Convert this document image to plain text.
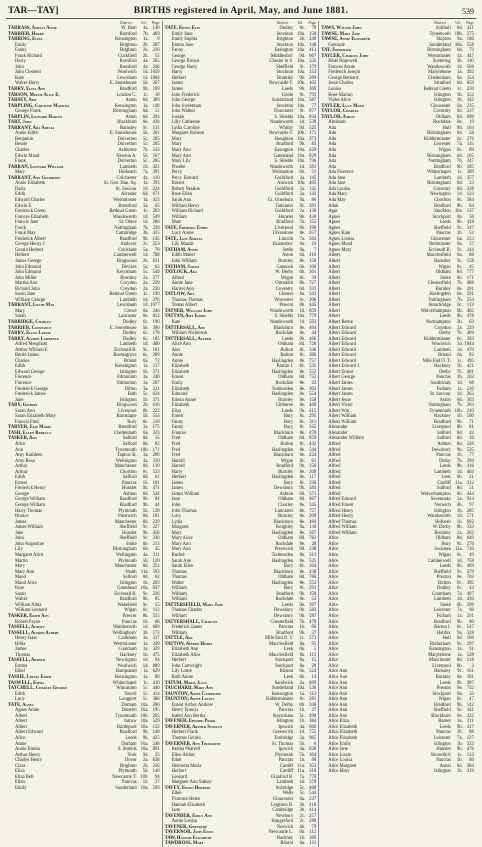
TAR—TAY]	BIRTHS registered in April, May, and June 1881.	539
District.	Vol.	Page
TARRASS, Amelia Annie	W. Ham	4a. 130
TARRIER, Harry	Romford	7b. 469
TARRING, Eliza	Kensington	1a.	8
Emily	Brighton	2b. 207
Fanny	Brighton	2b. 216
Frank Richard	Cuckfield	2b.	55
Harry	Romford	4a. 265
John	Romford	4a. 246
John Clement	Woolwich	1d. 1059
Kate	Lewisham	1d. 1064
Walter Harry	E. Stonehouse	5b. 267
TARRY, Eliza Ann	Bradford	9b. 109
TARSON, Minnie Alice E.	London C.	1c.	18
TARSEY, Amy	Aston	6d. 389
TARPLING, Caroline Matilda	Kensington	1a. 148
George Frank	Birmingham	6d.	51
TARPLIN, Leonard Harley	Aston	6d. 394
TART, John	Blackburn	8e. 438
TARRANT, Ada Adelia	Barnsley	9c. 131
Annie Edith	E. Stonehouse	5b. 201
Benjamin	Dulverton	5c. 205
Bessie	Dulverton	5c. 205
Charles	Ashborne	7b. 543
Edwin Maud	Newton A.	5b. 167
Frank	Dulverton	5c. 205
TARRAN, Leonard William	Lambeth	1d. 421
Mary	Holbeach	7a. 391
TARRANT, Ann Goodhart	Colchester	4a. 110
Annie Elizabeth	St. Geo. Han. Sq.	1a. 393
Daisy	St. Saviour	1d. 224
Edith	Alcester	6d. 671
Edward Charles	Westminster	1a. 413
Edwin E.	Brentford	3a.	65
Frederick Green	Bethnal Green	1c. 203
Frances Elizabeth	Wandsworth	1d. 549
Francis Jane	St. Olave	1d. 206
Frank	Nottingham	7b. 338
Frank May	Cambridge	3b. 415
Frederick Albert	Bradford	9b. 145
George Henry J.	Andover	2c. 253
Gerald Herbert	Cricklade	5a.	78
Herbert	Camberwell	1d. 788
James George	Ringwood	2b. 631
John Edmund	Devizes	5a.	63
John Edmund	Keynsham	5c. 549
John Miller	Bromley	2a. 277
Martha Ann	Croydon	2a. 229
Richard John	Croydon	2a. 230
Sarah Jane	Bethnal Green	1c. 199
William George	Lambeth	1d. 376
TARRANT, Lilith May	Lewisham	1d. 1077
Mary	Crewe	8a. 246
Sarah	Lancaster	8e. 812
TARRIDGE, Charles	Dudley	6c. 190
TARRIER, Constance	E. Stonehouse	5b. 306
TARRY, Ellen Louise	Dudley	6c. 178
TARRY, Alfred Lawrence	Dudley	6c. 185
Alfred Meopham	Lambeth	1d. 460
Arthur William F.	Ecclesall B.	9c. 162
Bertie James	Bromsgrove	6c. 289
Charles	Bristol	6a.	72
Edith	Kensington	1a. 117
Edward George	Islington	1b. 371
Florence	Edmonton	3a. 240
Florence	Edmonton	3a. 267
Frederick George	Ditton	3a. 221
Frederick James	Bath	5c. 624
Jane	Islington	1b. 371
TARY, Gilbert	Ringwood	2b. 616
Sarah Ann	Liverpool	8b. 222
Sarah Elizabeth Mary	Barnstaple	5b. 554
Francis Fred.	Bury	8c. 218
TARYER, Elie Mabel	Brentford	3a. 175
TASH, Ellen Rebecca	Cheltenham	6a. 323
TASKER, Ada	Salford	8d.	15
Alice	Salford	8d.	62
Ann	Tynemouth 10b. 171
Amy Kathleen	Taplow B.	3a. 200
Amy Rosa	Wellington	4a. 310
Arthur	Manchester	8d. 139
Arthur	Chorlton	8c. 533
Edith	Salford	8d.	61
Ernest	Pancras	1b. 101
Frederick Henry	Hunslet	9b. 471
George	Ashton	8d. 544
George William	Bradford	9b.	84
George William	Bradford	9b.	44
Harry Thomas	Plymouth	5b. 128
Horace	Prestwich	8d. 181
James	Manchester	8d. 229
James William	Sheffield	9c. 327
Jane	Hunslet	9b. 458
John	Sheffield	9c. 330
John Augustine	Stoke	6b. 213
Lily	Birmingham	6d.	45
Margaret Alice	Wellington	4a. 311
Martin	Plymouth	5b. 120
Mary	Manchester	8d. 251
Mary Ann	Neath 11a. 593
Maud	Salford	8d.	62
Maud Alice	Islington	1b. 203
Rose	Gateshead 10a. 837
Sarah	Ecclesall B.	9c. 226
Walter	Bradford	9b.	85
William Alma	Wakefield	9c.	55
William Leonard	Wigan	8c. 112
TASKER, Edith Ann	Prescot	8b. 515
Robert Payne	Pancras	1b.	66
TASSELL, Albert	Wandsworth	1d. 609
TASSELL, Alfred Albert	Wellingboro'	3b. 173
Henry Isaac	Cookham	3a. 337
Hilda	Westminster	1a. 349
James	Cookham	3a. 329
Thomas	Hackney	1b. 475
TASSELL, Arthur	Newington	1d.	94
Emma	Woolwich	1d. 889
Ethel	Hampstead	1a. 629
TASSIE, Louisa Edith	Kensington	1a.	80
TASWELL, Emma	Whitechapel	1c. 410
TATCHELL, Charles George	Wincanton	5c. 440
Edith	Yeovil	5c. 414
Lucy	Longport	5c. 386
TATE, Agnes	Durham 10a. 286
Agnes Annie	Dunelm 10a. 195
Albert	Tynemouth 10b. 205
Albert	Jarrow 10a. 529
Albert	Hartlepool 10a. 132
Albert Edward	Bradford	9b. 140
Alice	Leeds	9b. 425
Annie	Durham 10a. 248
Annie Emma	S. Shields 10a. 891
Arthur Henry	York	9d.	25
Charles Henry	Dover	2a. 838
Clara	Brighton	2b. 256
Eliza	Plymouth	5b. 140
Eliza Bell	Newcastle T. 10b.	94
Ellen	Pancras	1b.	27
Emily	Sunderland 10a. 599
District.	Vol.	Page
TATE, Edwin Eliz	Dudley	6c.	78
Emily Jane	Stockton 10a. 150
Emily Sophia	Brighton	2b. 249
Emma Jane	Stockton 10a. 148
Fanny	Easington 10a. 413
George	Middlesbro'	9d. 667
George Brown	Chester le S. 10a. 335
George Harry	Sheffield	9c. 379
Harry	Stockton 10a. 153
Herbert	Bramley	9b. 289
James	Newcastle T. 10b. 102
James	Leeds	9b. 369
John Frederick	Goole	9c. 791
John George	Sunderland 10a. 587
John Sweetman	Stockton 10a.	77
John Wallett	Doncaster	9c. 877
Joseph	S. Shields 10a. 834
Lilly Catherine	Wandsworth	1d. 539
Lydia Caroline	Whitby	9d. 525
Margaret Robson	Newcastle T. 10b. 171
Mary	Houghton 10a. 373
Mary	Bradford	9b.	83
Mary Ann	Easington 10a. 429
Mary Ann	Gateshead 10a. 829
Mary Lily	S. Shields 10a. 796
Phoebe	Wandsworth	1d. 583
Percy	Wolstanton	6b.	51
Percy Edward	Guildford	2a. 145
Robert	Alnwick 10b. 405
Robert Vasakie	Guildford	2a. 145
Rose Ellen	Guildford	2a. 142
Sarah Ann	Gt. Ouseburn	9a.	86
William Henry	Tadcaster	9c. 391
William Richard	Guildford	2a. 138
William	Hunslet	9b. 430
Male	Bradford	7b. 155
TATE, Frederic Ethel	Liverpool	8b. 190
Lucy Annie	Ulverstone	8e. 657
TATE, Jane Amelia	Lincoln	7a. 563
Lily Maude	Knaresbro'	9a.	16
TATHAM, Annie	Settle	9a.	7
Edith Mabel	Aston	6d. 416
John William	Burnley	8e. 158
TATHAM, Sarah	Cannock	6b. 100
TATLOCK, Ada	W. Derby	8b. 301
Alfred	Wigan	8c.	39
Annie Jane	Ormskirk	8b. 727
Harriet Ann	Coventry	6d. 331
TATLOW, Ada	Chester	8a. 341
Thomas Thomas	Worcester	6c. 206
Tomas Albert	Prescot	8b. 445
TATNER, William John	Wandsworth	1d. 659
TATTAN, Amy Isabel	S. Shields 10a. 779
Kate	Wandsworth	1d. 593
TATTERSALL, Ann	Blackburn	8e. 464
William Nicholson	Rochdale	8e.	44
TATTERSALL, Alfred	Leeds	9b. 466
Alice Ann	Oldham	8d. 720
Ann	Bolton	8c. 346
Annie	Bolton	8c. 386
Annie	Haslingden	8e. 757
Elizabeth	Barton I.	8c. 535
Elizabeth	Haslingden	8e. 552
Ernest	Oldham	8d. 752
Emily	Rochdale	8e.	23
Elizabeth	Todmorden	8e. 302
Edmund	Haslingden	8e. 554
Edwin Annie	Burnley	8e. 158
Elizabeth	Clitheroe	8e. 469
Eliza	Leeds	9b. 415
Ernest	Bury	8c. 295
Fanny	Bury	8c. 311
Fanny	Bury	8c. 565
Frances	Blackburn	8e. 470
Fred	Oldham	8d. 659
Fred	Bolton	8c. 442
Fred	Haslingden	8e. 544
Fred	Blackburn	8e. 424
Harold	Wigan	8c.	61
Harold	Bradford	9b. 156
Harry	Burnley	8e. 209
Herbert	Haslingden	8e. 117
James	Bury	8c. 236
James	Dewsbury	9b. 583
James William	Ashton	8d. 571
Jane	Oldham	8d. 667
John	Chorley	8e. 345
John Thomas	Lancaster	8e. 757
Lucy	Burnley	8e. 209
Lydia	Blackburn	8e. 484
Margaret	Keighley	9a. 136
Mary	Haslingden	8e. 567
Mary Alice	Oldham	8d. 782
Mary Ann	Rochdale	8e.	28
Mary Ann	Prestwich	8d. 238
Rachel	Todmorden	8e. 313
Sarah Ann	Haslingden	8e. 525
Sarah Ellen	Bury	8c. 264
Thomas	Blackburn	8e. 438
Thomas	Oldham	8d. 786
Walter	Haslingden	8e. 553
William	Bury	8c. 291
William	Bradford	9b. 158
William	Rochdale	8e.	53
TATTERSFIELD, Mary Jane	Leeds	9b. 397
Thomas Charles	Dewsbury	9b. 583
William	Dewsbury	9b. 587
TATTERSHALL, Charles	Chesterfield	7b. 478
Frederick James	Pancras	1b.	66
William	Bradford	9b.	37
TATTLE, Ada	Mile End O. T.	1c. 573
TATTON, Alfred Henry	Macclesfield	8a.	95
Elizabeth Ann	Leek	6b.	5
Elizabeth Alice	Macclesfield	8a. 113
Herbert	Stockport	8a.	15
John Cartwright	Stockport	8a.	20
Lily Lottie	Bilston	6b. 524
Ruth Annie	Leek	6b.	14
TATUM, Maria Julia	Sandwich	2a. 869
TAUCHARD, Mary Ann	Sunderland 10a. 536
TAUNTON, Annie Catherine	Kensington	1a. 112
TAUNTON, Annie Louisa	Kidderminster	6c. 281
Ernest Arthur Andrew	W. Derby	8b. 336
Henry Francis	Pancras	1b.	37
Isabel Ann Bertha	Keynsham	5c. 498
TAVENER, Edward Prior	Islington	1b. 384
TAVERNER, Arthur Stanley	Ipswich	4a. 666
Herbert Frank	Greenwich	1d. 755
Thomas Gerald	Tonbridge	2a. 965
TAVERNER, Ann Thomasine	St. Thomas	5b.	6
Bertha Pharrell	Ipswich	4a. 639
Ellen Arthur	Plymouth	5b. 104
Ethel	Pancras	1b.	80
Henrietta Maria	Cardiff 11a. 353
Herbert	Cardiff 11a. 310
Leonard	Glanford B.	7a. 776
Margaret Ann Sidney	Lambeth	1d. 379
TAVEY, Edwin Herbert	Axbridge	5c. 468
Ellen	Wells	5c. 544
Florence Helen	Gloucester	6a. 237
Hannah Elizabeth	Leighton B.	3b. 418
Jane	Cambridge	3b. 414
TAVENDER, Emily Ann	Newbury	2c. 257
Annie Louisa	Hungerford	2c. 289
TAVENER, Gertrude	Norwich	4b.	79
TAVERNOR, John Enily	Newcastle L.	6b. 112
TAW, Hannah Elizabeth	Hackney	1b. 389
TAWDROSS, Mary	Bristol	6a. 121
District.	Vol.	Page
TAWS, Walter John	Solihull	6d. 411
TAWSE, Mary Jane	Tynemouth 10b. 275
TAWSE, Annie Elizabeth	Skipton	9a. 186
Gertrude	Sunderland 10a. 558
TAY, Frederick	Birmingham	6d.	73
TAYLER, Charles John	Westminster	1a. 447
Ethel Hopewell	Kettering	3b. 110
Frances Annie	Wandsworth	1d. 568
Frederick Joseph	Marylebone	1a. 492
George Bernard	Cheltenham	6a. 354
Jesse Charles	Stratford	6d. 659
Louisa	Bethnal Green	1c. 220
Rose Marion	Islington	1b. 352
Violet Alice	Islington	1b. 342
TAYLER, Lucy Maud	Gloucester	6a. 215
TAYLOR, Charles	Coventry	6d. 337
TAYLOR, Aaron	Oldham	8d. 696
Abraham	Rochdale	8e.	19
Ada	Hull	9d. 164
Ada	Birmingham	6d.	58
Ada	Kidderminster	6c. 276
Ada	Leicester	7a. 115
Ada	Wigan	8c.	89
Ada	Birmingham	6d. 105
Ada	Nottingham	7b. 247
Ada	Bradford	9b. 105
Ada Florence	Whitechapel	1c. 389
Ada Jane	Lambeth	1d. 357
Ada Jane	Birmingham	6d.	33
Ada Louisa	Coventry	6d. 328
Ada Mary	Newington	1d. 123
Ada May	Chorlton	8c. 584
Adah	Bradford	9b.	84
Agar	Stockton 10a. 137
Agnes	Stockport	8a.	56
Agnes	Leeds	9b. 418
Agnes	Sheffield	9c. 347
Agnes Kate	Pancras	1b.	52
Agnes Louisa	Gloucester	6a. 253
Agnes Maud	Bedminster	6a.	57
Agnes Mary	Ecclesall B.	9c. 244
Albert	Macclesfield	8a.	88
Albert	Barnsley	9c. 158
Albert	Wigan	8c.	45
Albert	Oldham	8d. 777
Albert	Stoke	6b. 171
Albert	Chesterfield	7b. 488
Albert	Burnley	8e. 201
Albert	Haslingden	8e. 591
Albert	Nottingham	7b. 254
Albert	Stourbridge	6c. 113
Albert	Wolverhampton	6b. 465
Albert	Leeds	9b. 478
Albert Bertie	Northampton	3b.	63
Albert Edward	Croydon	2a. 229
Albert Edward	Derby	7b. 409
Albert Edward	Kidderminster	6c. 263
Albert Edward	Woolwich	1d. 1044
Albert Edward	Lambeth	1d. 470
Albert Edward	Bristol	6a.	83
Albert Edward	Mile End O. T.	1c. 495
Albert Edward J.	Hackney	1b. 421
Albert Ernest	Derby	7b. 401
Albert George	Pancras	1b. 102
Albert James	Southwark	1d.	68
Albert James	Fulham	1a. 236
Albert James	St. Saviour	1d. 263
Albert Jesse	Aston	6d. 363
Albert Victor	Nottingham	7b. 263
Albert Wm.	Tynemouth 10b. 210
Albert William	Hackney	1b. 500
Albert William	Bradford	9b.	71
Alexander	Liverpool	8b.	81
Alexander	Salford	8d.	42
Alexander William	Salford	8d.	16
Alfred	Ashton	8d. 548
Alfred	Dewsbury	9b. 535
Alfred	Pancras	1b.	77
Alfred	Derby	7b. 394
Alfred	Leeds	9b. 416
Alfred	Lambeth	1d. 404
Alfred	Leek	6b.	21
Alfred	Cardiff 11a. 312
Alfred	Salford	8d.	51
Alfred	Wolverhampton	6b. 444
Alfred Edward	Sevenoaks	2a. 914
Alfred Ernest	Norwich	4b.	97
Alfred Henry	Islington	1b. 285
Alfred Henry	Wandsworth	1d. 571
Alfred Thomas	Holborn	1b. 682
Alfred William	W. Derby	8b. 333
Alfred William	Bromley	2a. 263
Alice	Oldham	8d. 649
Alice	Bury	8c. 276
Alice	Swansea 11a. 710
Alice	Wigan	8c.	49
Alice	Camberwell	1d. 758
Alice	Leeds	9b. 469
Alice	Sheffield	9c. 379
Alice	Preston	8e. 703
Alice	Bolton	8c. 395
Alice	Dudley	6c.	44
Alice	Grantham	7a. 407
Alice	Lambeth	1d. 430
Alice	Stoke	6b. 209
Alice	Leicester	7a.	96
Alice	Fulham	1a. 201
Alice	Bradford	9b.	80
Alice	Barton I.	8c. 547
Alice	Halifax	9a. 328
Alice	Hull	9d. 166
Alice	Rotherham	9c. 297
Alice	Kensington	1a.	91
Alice	Marylebone	1a. 528
Alice	Manchester	8d. 218
Alice	Liverpool	8b.	3
Alice Ann	Barnsley	9c. 161
Alice Ann	Burnley	8e. 161
Alice Ann	Leeds	9b. 387
Alice Ann	Preston	8e. 732
Alice Ann	Stockport	8a.	33
Alice Ann	Wigan	8c.	47
Alice Ann	Bradford	9b. 142
Alice Ann	Sheffield	9c. 341
Alice Ann	Blackburn	8e. 422
Alice Eliza	Barnet	3a. 211
Alice Elizabeth	Leeds	9b. 417
Alice Elizabeth	Pancras	1b.	88
Alice Elizabeth	Leicester	7a. 127
Alice Emily	Islington	1b. 323
Alice Jane	Hunslet	9b. 476
Alice Lizzie	Shoreditch	1c. 123
Alice Louisa	Pancras	1b.	86
Alice Margaret	Aston	6d. 384
Alice Mary	Islington	1b. 319
